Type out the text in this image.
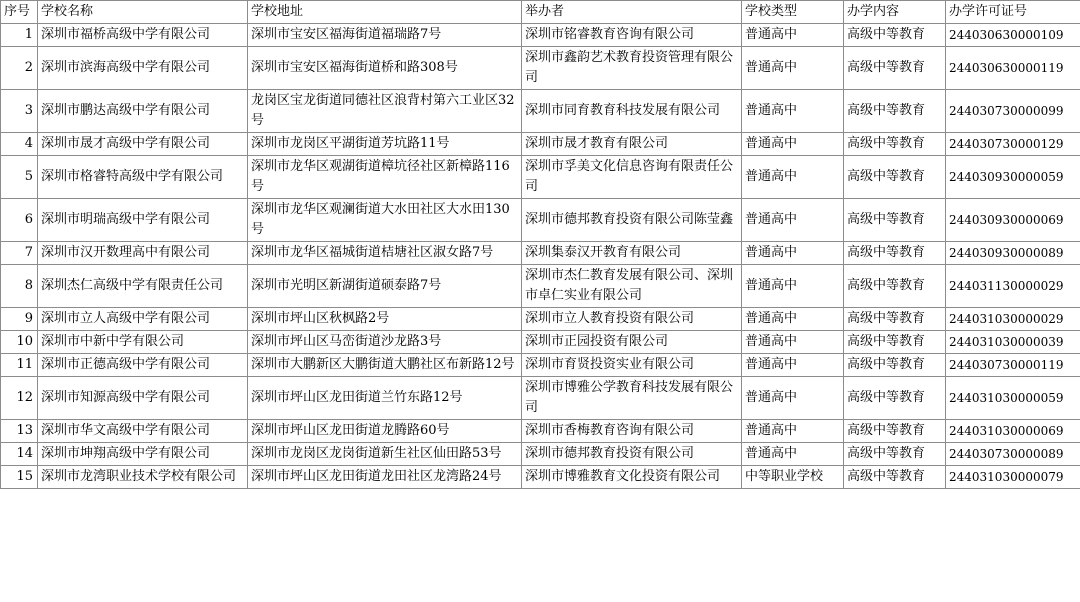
序号	学校名称	学校地址	举办者	学校类型	办学内容	办学许可证号
1	深圳市福桥高级中学有限公司	深圳市宝安区福海街道福瑞路7号	深圳市铭睿教育咨询有限公司	普通高中	高级中等教育	244030630000109
2	深圳市滨海高级中学有限公司	深圳市宝安区福海街道桥和路308号	深圳市鑫韵艺术教育投资管理有限公司	普通高中	高级中等教育	244030630000119
3	深圳市鹏达高级中学有限公司	龙岗区宝龙街道同德社区浪背村第六工业区32号	深圳市同育教育科技发展有限公司	普通高中	高级中等教育	244030730000099
4	深圳市晟才高级中学有限公司	深圳市龙岗区平湖街道芳坑路11号	深圳市晟才教育有限公司	普通高中	高级中等教育	244030730000129
5	深圳市格睿特高级中学有限公司	深圳市龙华区观湖街道樟坑径社区新樟路116号	深圳市孚美文化信息咨询有限责任公司	普通高中	高级中等教育	244030930000059
6	深圳市明瑞高级中学有限公司	深圳市龙华区观澜街道大水田社区大水田130号	深圳市德邦教育投资有限公司陈莹鑫	普通高中	高级中等教育	244030930000069
7	深圳市汉开数理高中有限公司	深圳市龙华区福城街道桔塘社区淑女路7号	深圳集泰汉开教育有限公司	普通高中	高级中等教育	244030930000089
8	深圳杰仁高级中学有限责任公司	深圳市光明区新湖街道硕泰路7号	深圳市杰仁教育发展有限公司、深圳市卓仁实业有限公司	普通高中	高级中等教育	244031130000029
9	深圳市立人高级中学有限公司	深圳市坪山区秋枫路2号	深圳市立人教育投资有限公司	普通高中	高级中等教育	244031030000029
10	深圳市中新中学有限公司	深圳市坪山区马峦街道沙龙路3号	深圳市正园投资有限公司	普通高中	高级中等教育	244031030000039
11	深圳市正德高级中学有限公司	深圳市大鹏新区大鹏街道大鹏社区布新路12号	深圳市育贤投资实业有限公司	普通高中	高级中等教育	244030730000119
12	深圳市知源高级中学有限公司	深圳市坪山区龙田街道兰竹东路12号	深圳市博雅公学教育科技发展有限公司	普通高中	高级中等教育	244031030000059
13	深圳市华文高级中学有限公司	深圳市坪山区龙田街道龙腾路60号	深圳市香梅教育咨询有限公司	普通高中	高级中等教育	244031030000069
14	深圳市坤翔高级中学有限公司	深圳市龙岗区龙岗街道新生社区仙田路53号	深圳市德邦教育投资有限公司	普通高中	高级中等教育	244030730000089
15	深圳市龙湾职业技术学校有限公司	深圳市坪山区龙田街道龙田社区龙湾路24号	深圳市博雅教育文化投资有限公司	中等职业学校	高级中等教育	244031030000079
